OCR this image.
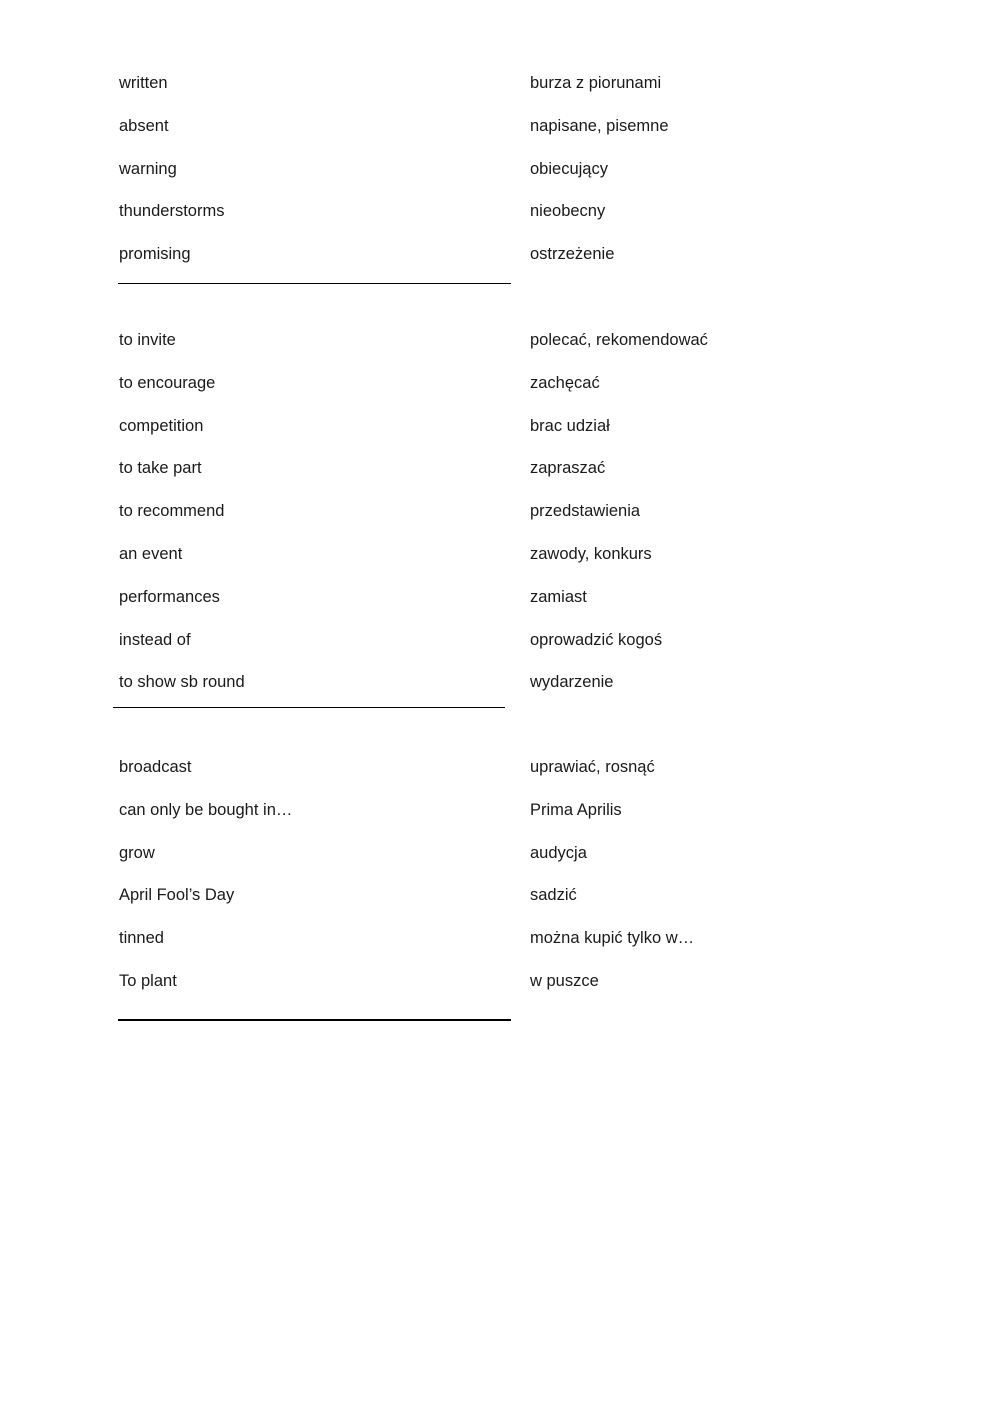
written	burza z piorunami
absent	napisane, pisemne
warning	obiecujący
thunderstorms	nieobecny
promising	ostrzeżenie
to invite	polecać, rekomendować
to encourage	zachęcać
competition	brac udział
to take part	zapraszać
to recommend	przedstawienia
an event	zawody, konkurs
performances	zamiast
instead of	oprowadzić kogoś
to show sb round	wydarzenie
broadcast	uprawiać, rosnąć
can only be bought in…	Prima Aprilis
grow	audycja
April Fool’s Day	sadzić
tinned	można kupić tylko w…
To plant	w puszce
